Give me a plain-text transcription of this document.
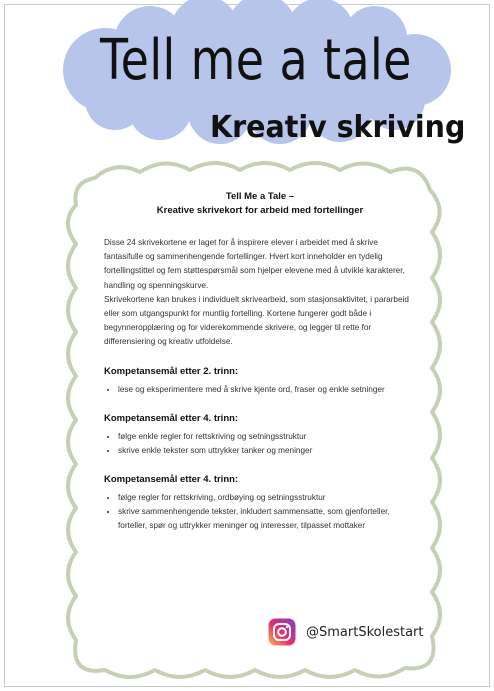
Tell me a tale
Kreativ skriving
Tell Me a Tale –
Kreative skrivekort for arbeid med fortellinger

Disse 24 skrivekortene er laget for å inspirere elever i arbeidet med å skrive fantasifulle og sammenhengende fortellinger. Hvert kort inneholder en tydelig fortellingstittel og fem støttespørsmål som hjelper elevene med å utvikle karakterer, handling og spenningskurve.

Skrivekortene kan brukes i individuelt skrivearbeid, som stasjonsaktivitet, i pararbeid eller som utgangspunkt for muntlig fortelling. Kortene fungerer godt både i begynneropplæring og for viderekommende skrivere, og legger til rette for differensiering og kreativ utfoldelse.

Kompetansemål etter 2. trinn:
• lese og eksperimentere med å skrive kjente ord, fraser og enkle setninger
Kompetansemål etter 4. trinn:
• følge enkle regler for rettskriving og setningsstruktur
• skrive enkle tekster som uttrykker tanker og meninger
Kompetansemål etter 4. trinn:
• følge regler for rettskriving, ordbøying og setningsstruktur
• skrive sammenhengende tekster, inkludert sammensatte, som gjenforteller, forteller, spør og uttrykker meninger og interesser, tilpasset mottaker
@SmartSkolestart
